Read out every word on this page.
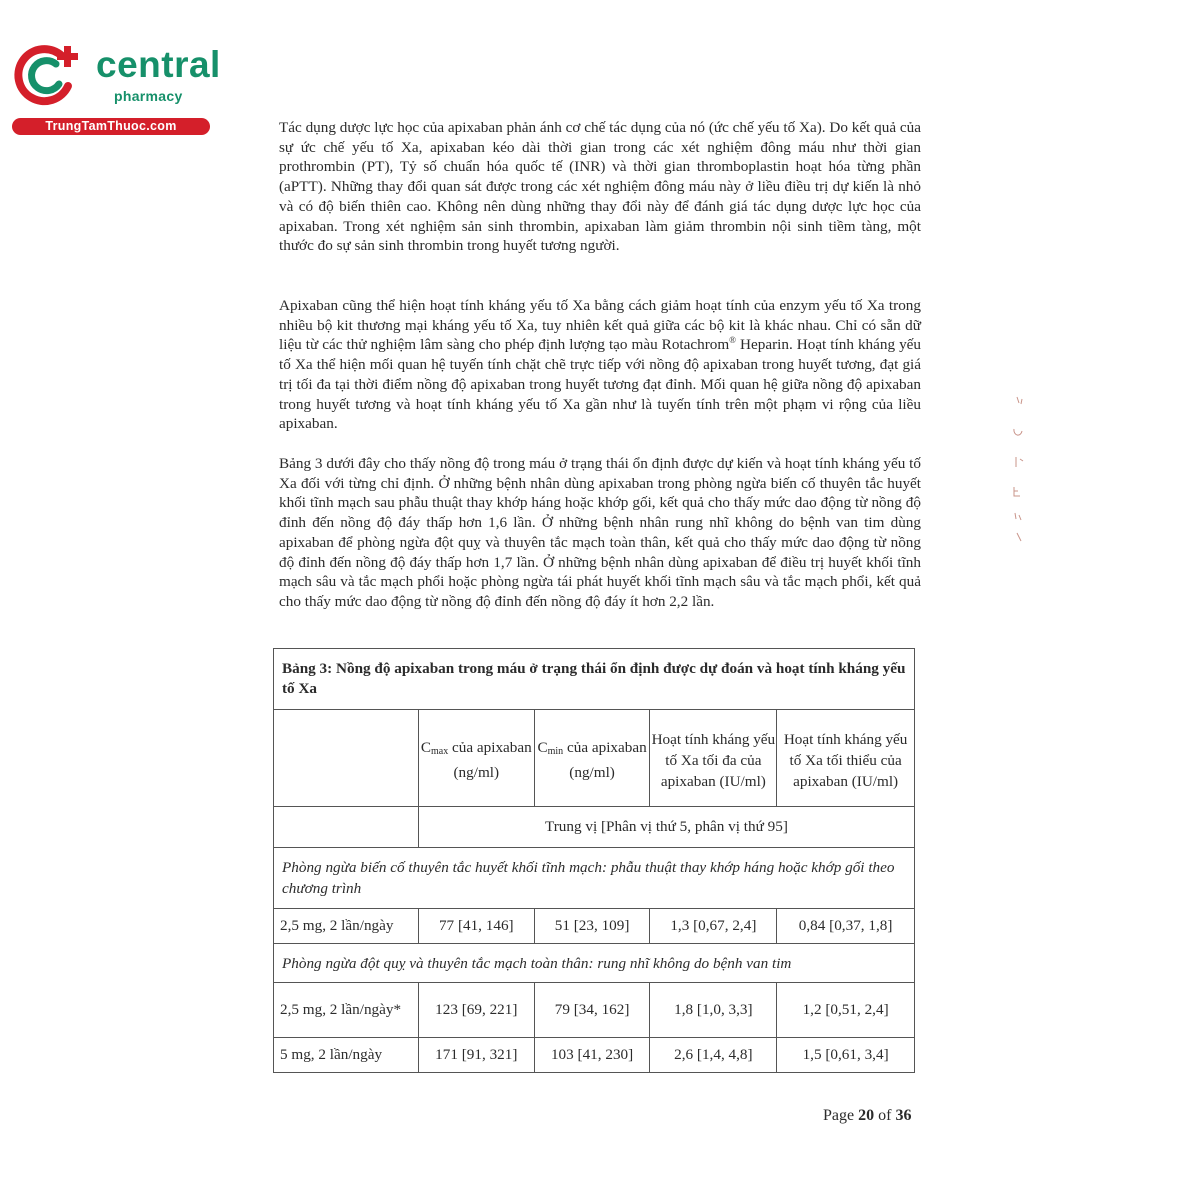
central
pharmacy
TrungTamThuoc.com	Tác dụng dược lực học của apixaban phản ánh cơ chế tác dụng của nó (ức chế yếu tố Xa). Do kết quả của sự ức chế yếu tố Xa, apixaban kéo dài thời gian trong các xét nghiệm đông máu như thời gian prothrombin (PT), Tỷ số chuẩn hóa quốc tế (INR) và thời gian thromboplastin hoạt hóa từng phần (aPTT). Những thay đổi quan sát được trong các xét nghiệm đông máu này ở liều điều trị dự kiến là nhỏ và có độ biến thiên cao. Không nên dùng những thay đổi này để đánh giá tác dụng dược lực học của apixaban. Trong xét nghiệm sản sinh thrombin, apixaban làm giảm thrombin nội sinh tiềm tàng, một thước đo sự sản sinh thrombin trong huyết tương người.

Apixaban cũng thể hiện hoạt tính kháng yếu tố Xa bằng cách giảm hoạt tính của enzym yếu tố Xa trong nhiều bộ kit thương mại kháng yếu tố Xa, tuy nhiên kết quả giữa các bộ kit là khác nhau. Chỉ có sẵn dữ liệu từ các thử nghiệm lâm sàng cho phép định lượng tạo màu Rotachrom® Heparin. Hoạt tính kháng yếu tố Xa thể hiện mối quan hệ tuyến tính chặt chẽ trực tiếp với nồng độ apixaban trong huyết tương, đạt giá trị tối đa tại thời điểm nồng độ apixaban trong huyết tương đạt đỉnh. Mối quan hệ giữa nồng độ apixaban trong huyết tương và hoạt tính kháng yếu tố Xa gần như là tuyến tính trên một phạm vi rộng của liều apixaban.

Bảng 3 dưới đây cho thấy nồng độ trong máu ở trạng thái ổn định được dự kiến và hoạt tính kháng yếu tố Xa đối với từng chỉ định. Ở những bệnh nhân dùng apixaban trong phòng ngừa biến cố thuyên tắc huyết khối tĩnh mạch sau phẫu thuật thay khớp háng hoặc khớp gối, kết quả cho thấy mức dao động từ nồng độ đỉnh đến nồng độ đáy thấp hơn 1,6 lần. Ở những bệnh nhân rung nhĩ không do bệnh van tim dùng apixaban để phòng ngừa đột quỵ và thuyên tắc mạch toàn thân, kết quả cho thấy mức dao động từ nồng độ đỉnh đến nồng độ đáy thấp hơn 1,7 lần. Ở những bệnh nhân dùng apixaban để điều trị huyết khối tĩnh mạch sâu và tắc mạch phổi hoặc phòng ngừa tái phát huyết khối tĩnh mạch sâu và tắc mạch phổi, kết quả cho thấy mức dao động từ nồng độ đỉnh đến nồng độ đáy ít hơn 2,2 lần.

Bảng 3: Nồng độ apixaban trong máu ở trạng thái ổn định được dự đoán và hoạt tính kháng yếu tố Xa				
	$C_{max}$ của apixaban (ng/ml)	$C_{min}$ của apixaban (ng/ml)	Hoạt tính kháng yếu tố Xa tối đa của apixaban (IU/ml)	Hoạt tính kháng yếu tố Xa tối thiểu của apixaban (IU/ml)
	Trung vị [Phân vị thứ 5, phân vị thứ 95]			
Phòng ngừa biến cố thuyên tắc huyết khối tĩnh mạch: phẫu thuật thay khớp háng hoặc khớp gối theo chương trình				
2,5 mg, 2 lần/ngày	77 [41, 146]	51 [23, 109]	1,3 [0,67, 2,4]	0,84 [0,37, 1,8]
Phòng ngừa đột quỵ và thuyên tắc mạch toàn thân: rung nhĩ không do bệnh van tim				
2,5 mg, 2 lần/ngày*	123 [69, 221]	79 [34, 162]	1,8 [1,0, 3,3]	1,2 [0,51, 2,4]
5 mg, 2 lần/ngày	171 [91, 321]	103 [41, 230]	2,6 [1,4, 4,8]	1,5 [0,61, 3,4]
Page 20 of 36
